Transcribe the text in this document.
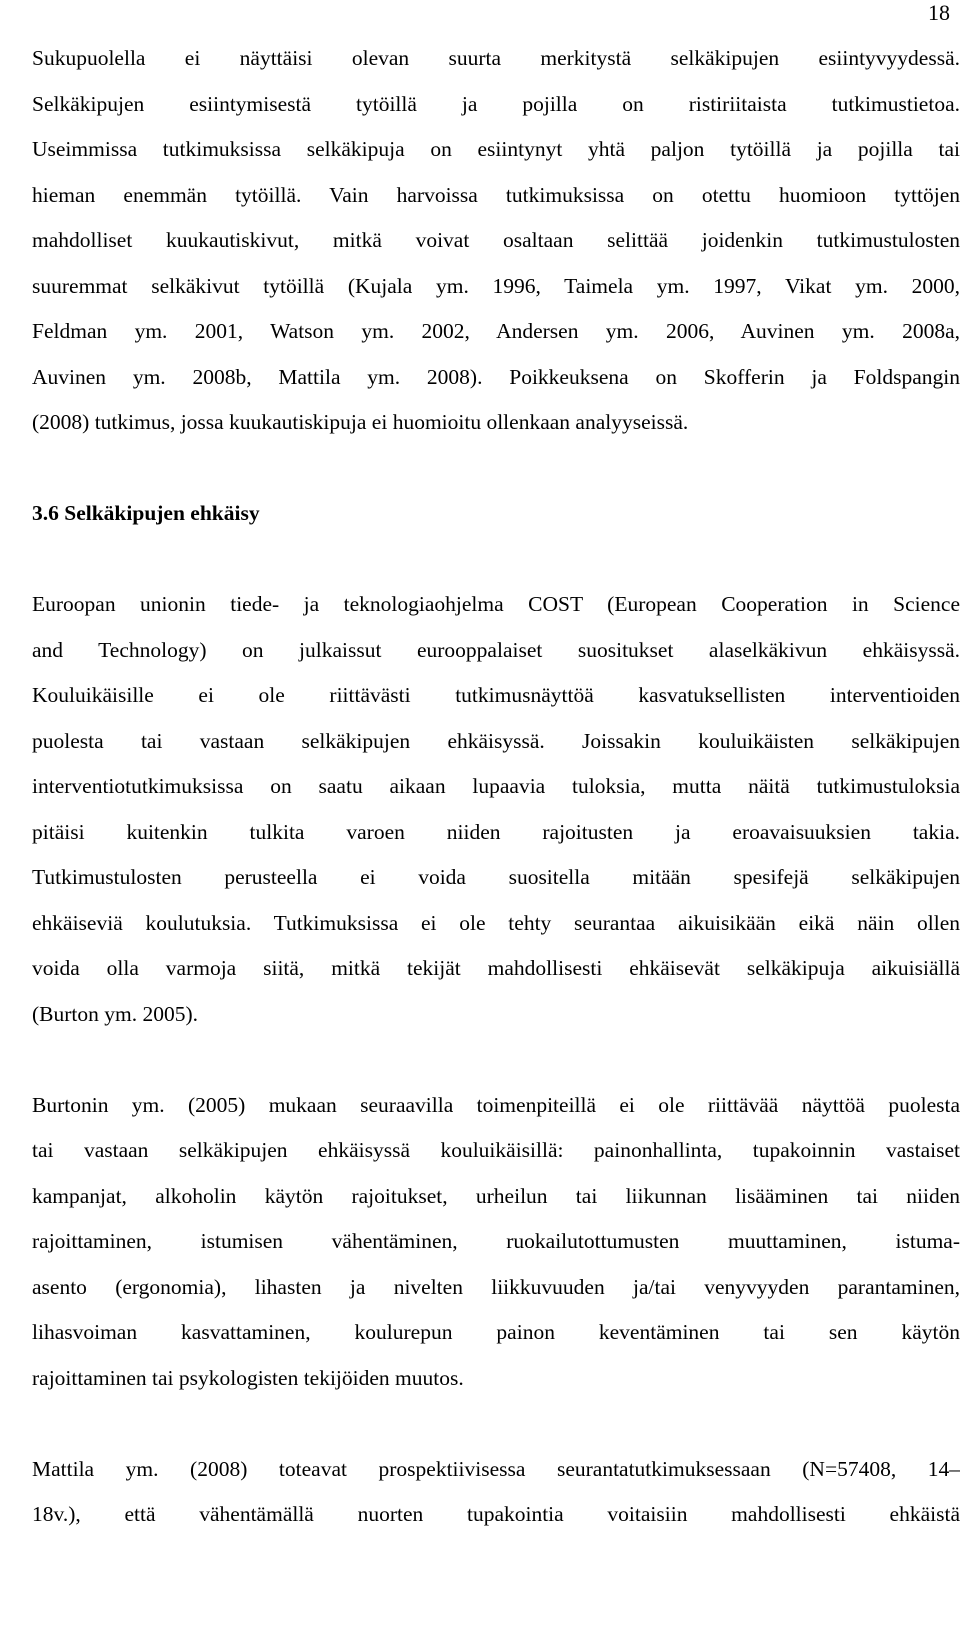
18
Sukupuolella ei näyttäisi olevan suurta merkitystä selkäkipujen esiintyvyydessä.
Selkäkipujen esiintymisestä tytöillä ja pojilla on ristiriitaista tutkimustietoa.
Useimmissa tutkimuksissa selkäkipuja on esiintynyt yhtä paljon tytöillä ja pojilla tai
hieman enemmän tytöillä. Vain harvoissa tutkimuksissa on otettu huomioon tyttöjen
mahdolliset kuukautiskivut, mitkä voivat osaltaan selittää joidenkin tutkimustulosten
suuremmat selkäkivut tytöillä (Kujala ym. 1996, Taimela ym. 1997, Vikat ym. 2000,
Feldman ym. 2001, Watson ym. 2002, Andersen ym. 2006, Auvinen ym. 2008a,
Auvinen ym. 2008b, Mattila ym. 2008). Poikkeuksena on Skofferin ja Foldspangin
(2008) tutkimus, jossa kuukautiskipuja ei huomioitu ollenkaan analyyseissä.
3.6 Selkäkipujen ehkäisy
Euroopan unionin tiede- ja teknologiaohjelma COST (European Cooperation in Science
and Technology) on julkaissut eurooppalaiset suositukset alaselkäkivun ehkäisyssä.
Kouluikäisille ei ole riittävästi tutkimusnäyttöä kasvatuksellisten interventioiden
puolesta tai vastaan selkäkipujen ehkäisyssä. Joissakin kouluikäisten selkäkipujen
interventiotutkimuksissa on saatu aikaan lupaavia tuloksia, mutta näitä tutkimustuloksia
pitäisi kuitenkin tulkita varoen niiden rajoitusten ja eroavaisuuksien takia.
Tutkimustulosten perusteella ei voida suositella mitään spesifejä selkäkipujen
ehkäiseviä koulutuksia. Tutkimuksissa ei ole tehty seurantaa aikuisikään eikä näin ollen
voida olla varmoja siitä, mitkä tekijät mahdollisesti ehkäisevät selkäkipuja aikuisiällä
(Burton ym. 2005).
Burtonin ym. (2005) mukaan seuraavilla toimenpiteillä ei ole riittävää näyttöä puolesta
tai vastaan selkäkipujen ehkäisyssä kouluikäisillä: painonhallinta, tupakoinnin vastaiset
kampanjat, alkoholin käytön rajoitukset, urheilun tai liikunnan lisääminen tai niiden
rajoittaminen, istumisen vähentäminen, ruokailutottumusten muuttaminen, istuma-
asento (ergonomia), lihasten ja nivelten liikkuvuuden ja/tai venyvyyden parantaminen,
lihasvoiman kasvattaminen, koulurepun painon keventäminen tai sen käytön
rajoittaminen tai psykologisten tekijöiden muutos.
Mattila ym. (2008) toteavat prospektiivisessa seurantatutkimuksessaan (N=57408, 14–
18v.), että vähentämällä nuorten tupakointia voitaisiin mahdollisesti ehkäistä
